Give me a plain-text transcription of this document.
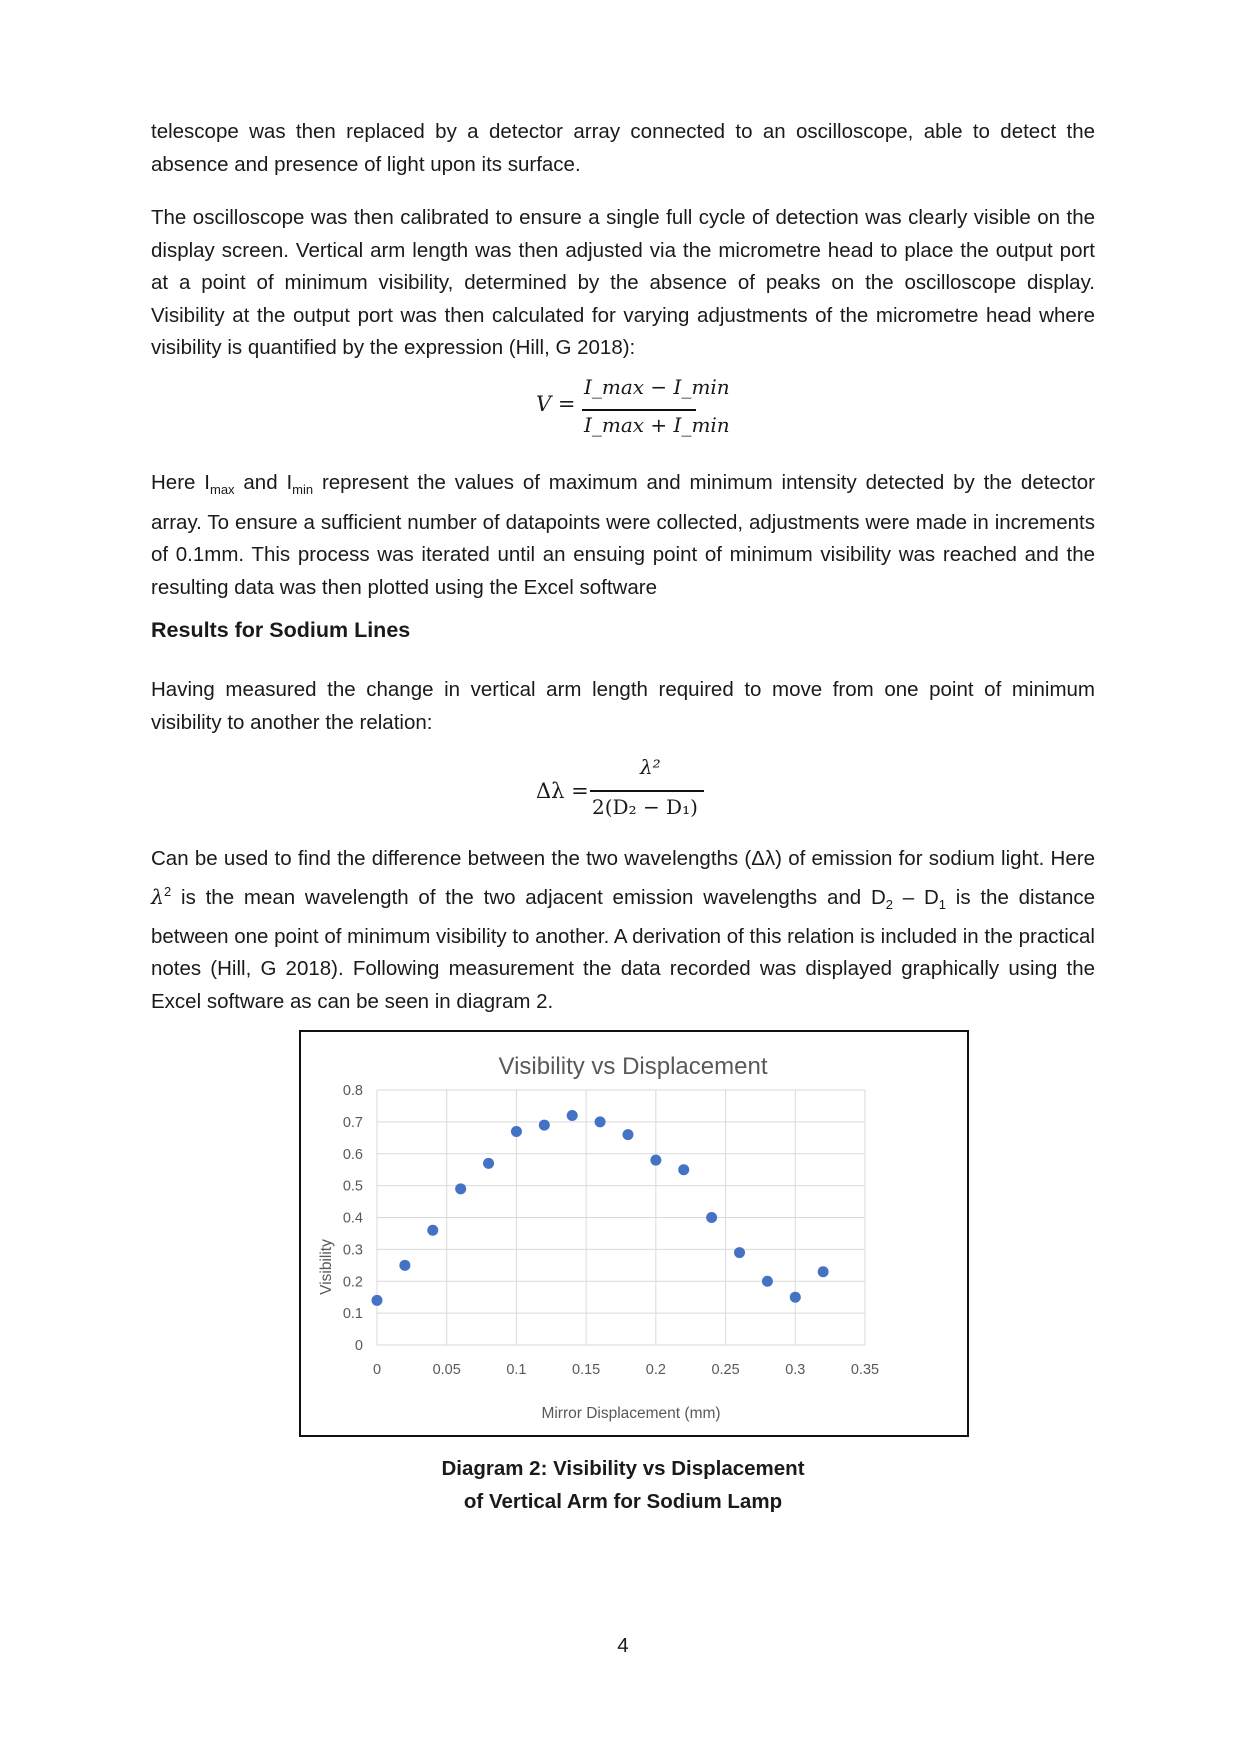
telescope was then replaced by a detector array connected to an oscilloscope, able to detect the absence and presence of light upon its surface.

The oscilloscope was then calibrated to ensure a single full cycle of detection was clearly visible on the display screen. Vertical arm length was then adjusted via the micrometre head to place the output port at a point of minimum visibility, determined by the absence of peaks on the oscilloscope display. Visibility at the output port was then calculated for varying adjustments of the micrometre head where visibility is quantified by the expression (Hill, G 2018):

V =
I_max − I_min
I_max + I_min

Here $I_{max}$ and $I_{min}$ represent the values of maximum and minimum intensity detected by the detector array. To ensure a sufficient number of datapoints were collected, adjustments were made in increments of 0.1mm. This process was iterated until an ensuing point of minimum visibility was reached and the resulting data was then plotted using the Excel software

Results for Sodium Lines

Having measured the change in vertical arm length required to move from one point of minimum visibility to another the relation:

Δλ =
λ²
2(D₂ − D₁)

Can be used to find the difference between the two wavelengths (Δλ) of emission for sodium light. Here $\lambda^2$ is the mean wavelength of the two adjacent emission wavelengths and $D_2 - D_1$ is the distance between one point of minimum visibility to another. A derivation of this relation is included in the practical notes (Hill, G 2018). Following measurement the data recorded was displayed graphically using the Excel software as can be seen in diagram 2.

Diagram 2: Visibility vs Displacement
of Vertical Arm for Sodium Lamp
4
Visibility vs Displacement
0
0.1
0.2
0.3
0.4
0.5
0.6
0.7
0.8
0	0.05	0.1	0.15	0.2	0.25	0.3	0.35
Mirror Displacement (mm)
Visibility
